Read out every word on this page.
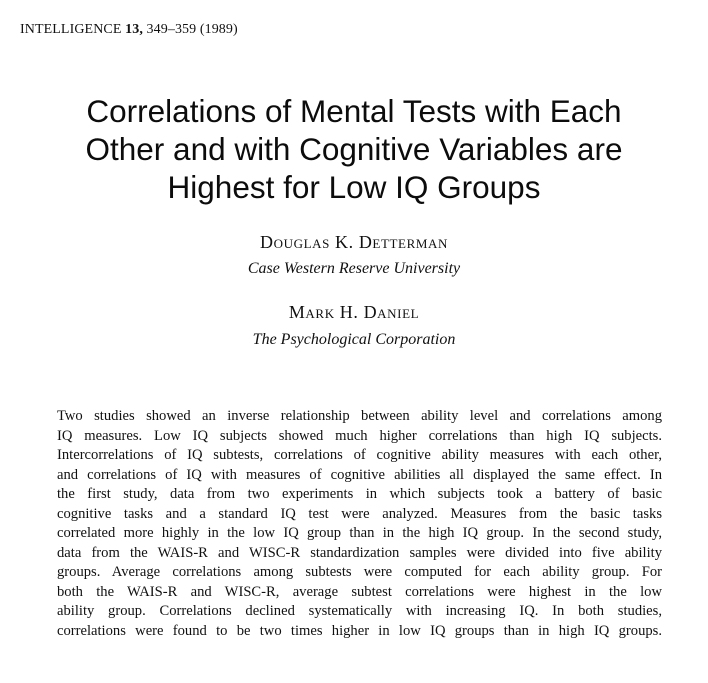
INTELLIGENCE 13, 349–359 (1989)
Correlations of Mental Tests with Each
Other and with Cognitive Variables are
Highest for Low IQ Groups
Douglas K. Detterman
Case Western Reserve University
Mark H. Daniel
The Psychological Corporation
Two studies showed an inverse relationship between ability level and correlations among
IQ measures. Low IQ subjects showed much higher correlations than high IQ subjects.
Intercorrelations of IQ subtests, correlations of cognitive ability measures with each other,
and correlations of IQ with measures of cognitive abilities all displayed the same effect. In
the first study, data from two experiments in which subjects took a battery of basic
cognitive tasks and a standard IQ test were analyzed. Measures from the basic tasks
correlated more highly in the low IQ group than in the high IQ group. In the second study,
data from the WAIS-R and WISC-R standardization samples were divided into five ability
groups. Average correlations among subtests were computed for each ability group. For
both the WAIS-R and WISC-R, average subtest correlations were highest in the low
ability group. Correlations declined systematically with increasing IQ. In both studies,
correlations were found to be two times higher in low IQ groups than in high IQ groups.
